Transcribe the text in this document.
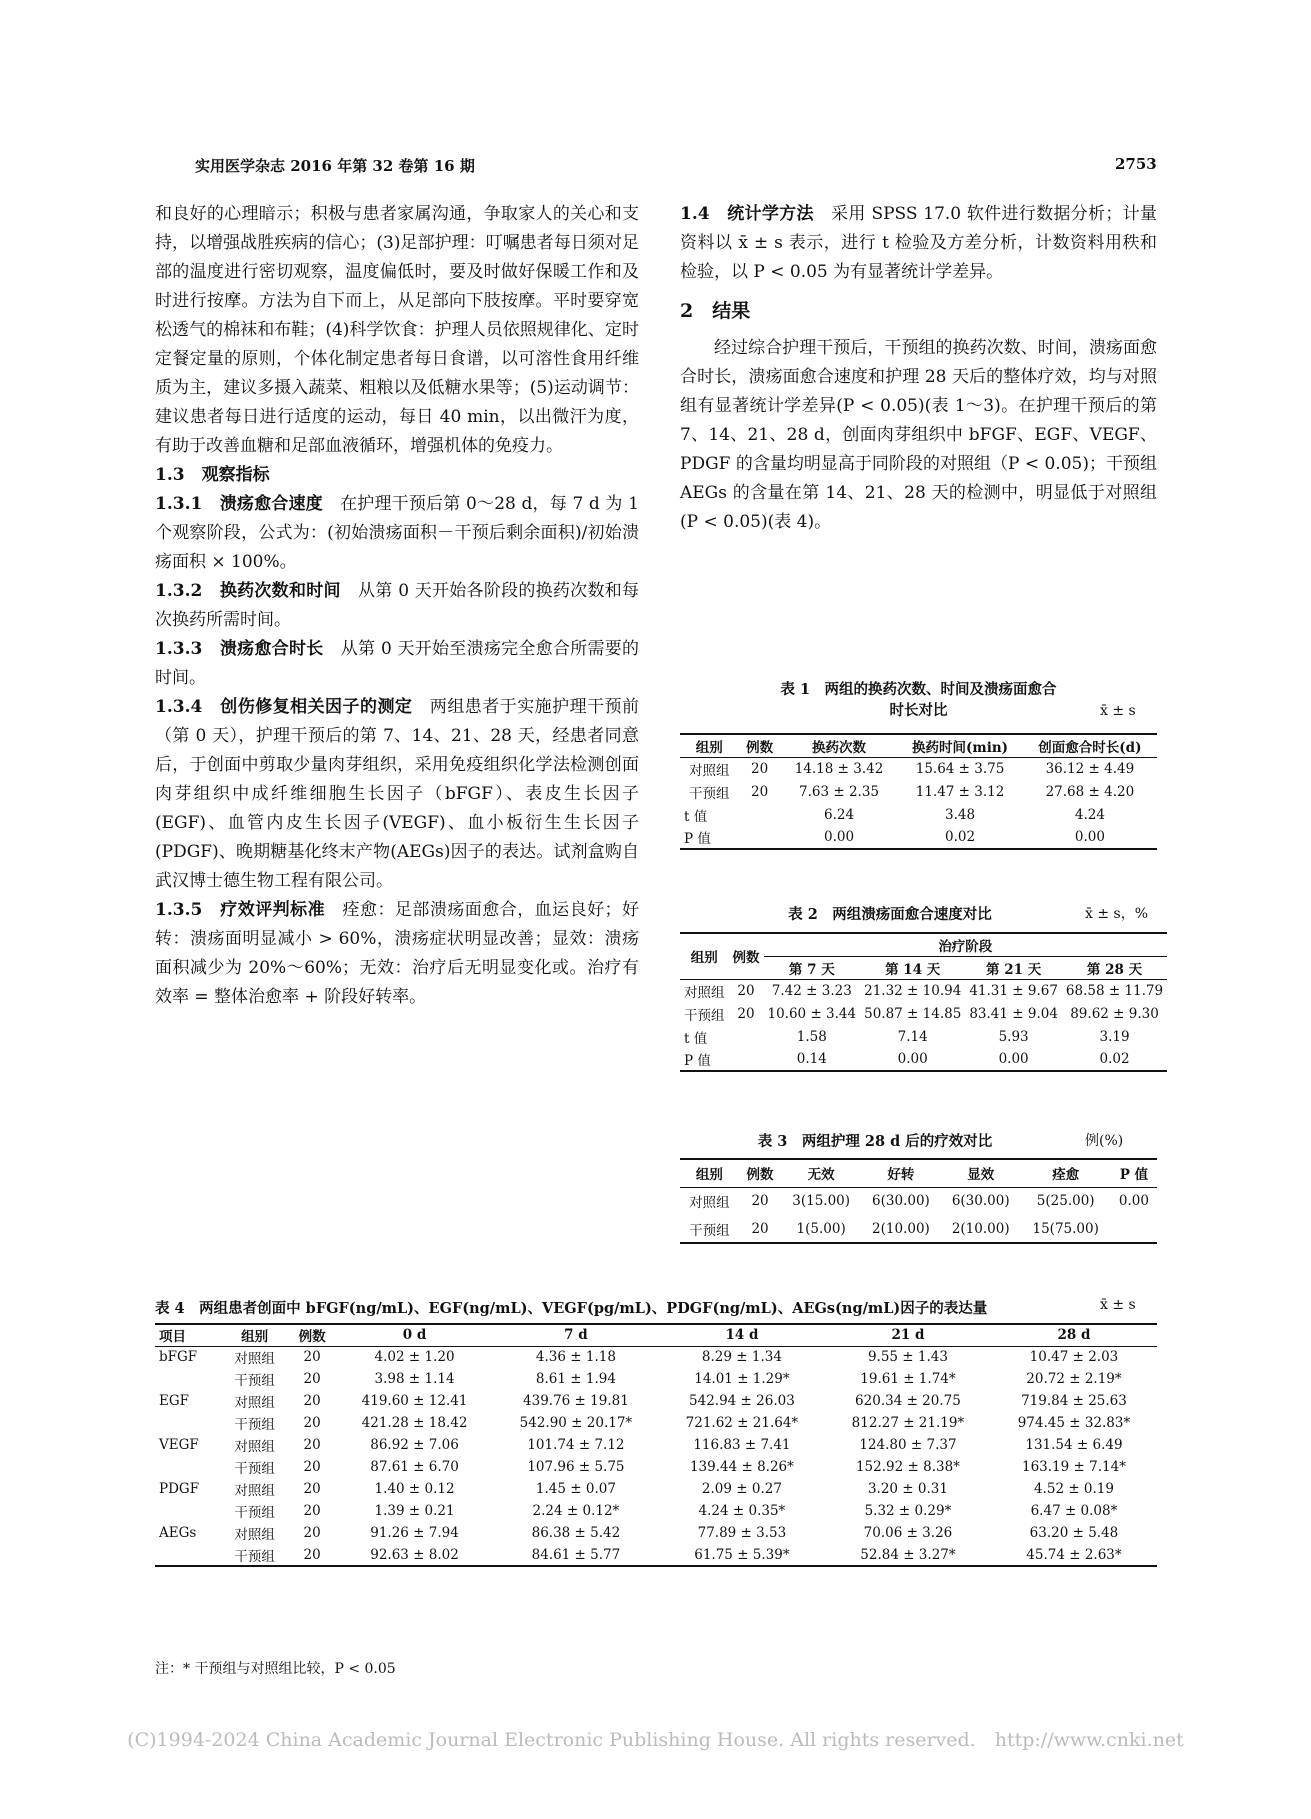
实用医学杂志 2016 年第 32 卷第 16 期	2753

和良好的心理暗示；积极与患者家属沟通，争取家人的关心和支持，以增强战胜疾病的信心；(3)足部护理：叮嘱患者每日须对足部的温度进行密切观察，温度偏低时，要及时做好保暖工作和及时进行按摩。方法为自下而上，从足部向下肢按摩。平时要穿宽松透气的棉袜和布鞋；(4)科学饮食：护理人员依照规律化、定时定餐定量的原则，个体化制定患者每日食谱，以可溶性食用纤维质为主，建议多摄入蔬菜、粗粮以及低糖水果等；(5)运动调节：建议患者每日进行适度的运动，每日 40 min，以出微汗为度，有助于改善血糖和足部血液循环，增强机体的免疫力。

1.3　观察指标

1.3.1　溃疡愈合速度　在护理干预后第 0～28 d，每 7 d 为 1 个观察阶段，公式为：(初始溃疡面积－干预后剩余面积)/初始溃疡面积 × 100%。

1.3.2　换药次数和时间　从第 0 天开始各阶段的换药次数和每次换药所需时间。

1.3.3　溃疡愈合时长　从第 0 天开始至溃疡完全愈合所需要的时间。

1.3.4　创伤修复相关因子的测定　两组患者于实施护理干预前（第 0 天），护理干预后的第 7、14、21、28 天，经患者同意后，于创面中剪取少量肉芽组织，采用免疫组织化学法检测创面肉芽组织中成纤维细胞生长因子（bFGF）、表皮生长因子(EGF)、血管内皮生长因子(VEGF)、血小板衍生生长因子(PDGF)、晚期糖基化终末产物(AEGs)因子的表达。试剂盒购自武汉博士德生物工程有限公司。

1.3.5　疗效评判标准　痊愈：足部溃疡面愈合，血运良好；好转：溃疡面明显减小 > 60%，溃疡症状明显改善；显效：溃疡面积减少为 20%～60%；无效：治疗后无明显变化或。治疗有效率 = 整体治愈率 + 阶段好转率。

1.4　统计学方法　采用 SPSS 17.0 软件进行数据分析；计量资料以 x̄ ± s 表示，进行 t 检验及方差分析，计数资料用秩和检验，以 P < 0.05 为有显著统计学差异。

2　结果

经过综合护理干预后，干预组的换药次数、时间，溃疡面愈合时长，溃疡面愈合速度和护理 28 天后的整体疗效，均与对照组有显著统计学差异(P < 0.05)(表 1～3)。在护理干预后的第 7、14、21、28 d，创面肉芽组织中 bFGF、EGF、VEGF、PDGF 的含量均明显高于同阶段的对照组（P < 0.05)；干预组 AEGs 的含量在第 14、21、28 天的检测中，明显低于对照组(P < 0.05)(表 4)。

表 1　两组的换药次数、时间及溃疡面愈合
时长对比	x̄ ± s
组别	例数	换药次数	换药时间(min)	创面愈合时长(d)
对照组	20	14.18 ± 3.42	15.64 ± 3.75	36.12 ± 4.49
干预组	20	7.63 ± 2.35	11.47 ± 3.12	27.68 ± 4.20
t 值		6.24	3.48	4.24
P 值		0.00	0.02	0.00
表 2　两组溃疡面愈合速度对比	x̄ ± s，%
组别	例数	治疗阶段			
		第 7 天	第 14 天	第 21 天	第 28 天
对照组	20	7.42 ± 3.23	21.32 ± 10.94	41.31 ± 9.67	68.58 ± 11.79
干预组	20	10.60 ± 3.44	50.87 ± 14.85	83.41 ± 9.04	89.62 ± 9.30
t 值		1.58	7.14	5.93	3.19
P 值		0.14	0.00	0.00	0.02
表 3　两组护理 28 d 后的疗效对比	例(%)
组别	例数	无效	好转	显效	痊愈	P 值
对照组	20	3(15.00)	6(30.00)	6(30.00)	5(25.00)	0.00
干预组	20	1(5.00)	2(10.00)	2(10.00)	15(75.00)	
表 4　两组患者创面中 bFGF(ng/mL)、EGF(ng/mL)、VEGF(pg/mL)、PDGF(ng/mL)、AEGs(ng/mL)因子的表达量	x̄ ± s
项目	组别	例数	0 d	7 d	14 d	21 d	28 d
bFGF	对照组	20	4.02 ± 1.20	4.36 ± 1.18	8.29 ± 1.34	9.55 ± 1.43	10.47 ± 2.03
	干预组	20	3.98 ± 1.14	8.61 ± 1.94	14.01 ± 1.29*	19.61 ± 1.74*	20.72 ± 2.19*
EGF	对照组	20	419.60 ± 12.41	439.76 ± 19.81	542.94 ± 26.03	620.34 ± 20.75	719.84 ± 25.63
	干预组	20	421.28 ± 18.42	542.90 ± 20.17*	721.62 ± 21.64*	812.27 ± 21.19*	974.45 ± 32.83*
VEGF	对照组	20	86.92 ± 7.06	101.74 ± 7.12	116.83 ± 7.41	124.80 ± 7.37	131.54 ± 6.49
	干预组	20	87.61 ± 6.70	107.96 ± 5.75	139.44 ± 8.26*	152.92 ± 8.38*	163.19 ± 7.14*
PDGF	对照组	20	1.40 ± 0.12	1.45 ± 0.07	2.09 ± 0.27	3.20 ± 0.31	4.52 ± 0.19
	干预组	20	1.39 ± 0.21	2.24 ± 0.12*	4.24 ± 0.35*	5.32 ± 0.29*	6.47 ± 0.08*
AEGs	对照组	20	91.26 ± 7.94	86.38 ± 5.42	77.89 ± 3.53	70.06 ± 3.26	63.20 ± 5.48
	干预组	20	92.63 ± 8.02	84.61 ± 5.77	61.75 ± 5.39*	52.84 ± 3.27*	45.74 ± 2.63*
注：* 干预组与对照组比较，P < 0.05
(C)1994-2024 China Academic Journal Electronic Publishing House. All rights reserved.　http://www.cnki.net
